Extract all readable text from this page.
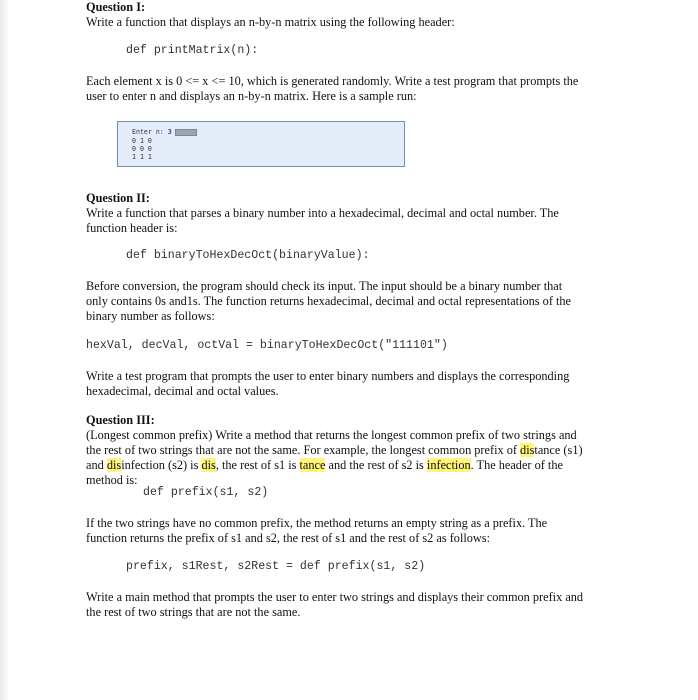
Question I:
Write a function that displays an n-by-n matrix using the following header:
def printMatrix(n):
Each element x is 0 <= x <= 10, which is generated randomly. Write a test program that prompts the
user to enter n and displays an n-by-n matrix. Here is a sample run:
Enter n: 3
0 1 0
0 0 0
1 1 1
Question II:
Write a function that parses a binary number into a hexadecimal, decimal and octal number. The
function header is:
def binaryToHexDecOct(binaryValue):
Before conversion, the program should check its input. The input should be a binary number that
only contains 0s and1s. The function returns hexadecimal, decimal and octal representations of the
binary number as follows:
hexVal, decVal, octVal = binaryToHexDecOct("111101")
Write a test program that prompts the user to enter binary numbers and displays the corresponding
hexadecimal, decimal and octal values.
Question III:
(Longest common prefix) Write a method that returns the longest common prefix of two strings and
the rest of two strings that are not the same. For example, the longest common prefix of distance (s1)
and disinfection (s2) is dis, the rest of s1 is tance and the rest of s2 is infection. The header of the
method is:
def prefix(s1, s2)
If the two strings have no common prefix, the method returns an empty string as a prefix. The
function returns the prefix of s1 and s2, the rest of s1 and the rest of s2 as follows:
prefix, s1Rest, s2Rest = def prefix(s1, s2)
Write a main method that prompts the user to enter two strings and displays their common prefix and
the rest of two strings that are not the same.
